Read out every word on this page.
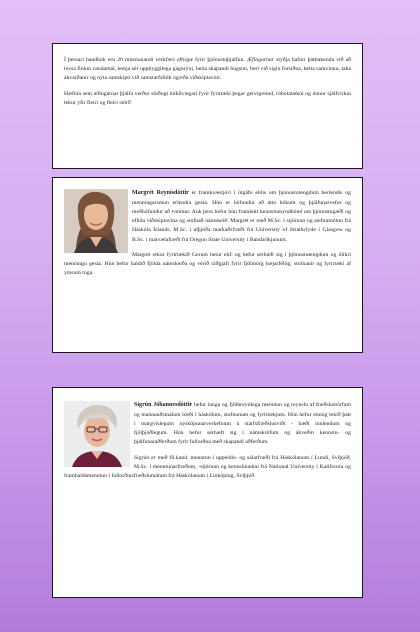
Í þessari handbók eru 20 mismunandi verkfæri eftirgæ fyrir þjónustuþjálfun. Æfingarnar styðja hafnir þátttakenda við að leysa flókin vandamál, temja sér uppbyggilega gagnrýni, beita skapandi hugsun, færi við sigin forsíðna, beita samvinnu, taka ákvarðanir og nýta samskipti við samstarfsfólk og/eða viðskiptavini.

Hæfnin sem æfingarnar þjálfa verður stöðugt mikilvægari fyrir fyrirtæki þegar gervigreind, róbotatækni og önnur sjálfvirkni tekur yfir fleiri og fleiri störf!

Margrét Reynisdóttir er framkvæstjóri í útgáfu ehlis um þjónustutengdum berlendis og menningarsmun erlendra gesta. Hún er höfundur að átta bókum og þjálfunarvefur og meðhöfundur að tveimur. Auk þess hefur hún framleitt kennslumyndbönd um þjónustugæði og eflida viðskiptavina og stofnað námskeið. Margrét er með M.Sc. í stjórnun og stefnumótun frá Háskóla Íslands, M.Sc. í alþjóða markaðsfræði frá University of Strathclyde í Glasgow og B.Sc. í matvælafræði frá Oregon State University í Bandaríkjunum.

Margrét rekur fyrirtækið Gerum betur ehf. og hefur sérhæft sig í þjónustutengdum og ólíkri menningu gesta. Hún hefur haldið fjölda námskeiða og verið ráðgjafi fyrir fjölmörg bæjarfélög, stofnanir og fyrirtæki af ýmsum toga.

Sigrún Jóhannesdóttir hefur langa og fjölbreytilega menntun og reynslu af fræðslustörfum og mannauðsmálum bæði í háskólum, stofnunum og fyrirtækjum. Hún hefur einnig tekið þátt í margvíslegum nýsköpunarverkefnum á starfsfræðslusviði - bæði innlendum og fjölþjóðlegum. Hún hefur sérhæft sig í námskröfum og ákveðin kennslu- og þjálfunaraðferðum fyrir fullorðna með skapandi aðferðum.

Sigrún er með fil.kand. menntun í uppeldis- og sálarfræði frá Háskólanum í Lundi, Svíþjóð, M.Sc. í menntunarfræðum, -stjórnun og kennslutækni frá National University í Kaliforníu og framhaldsmenntun í fullorðinsfræðslumálum frá Háskólanum í Linköping, Svíþjóð.
